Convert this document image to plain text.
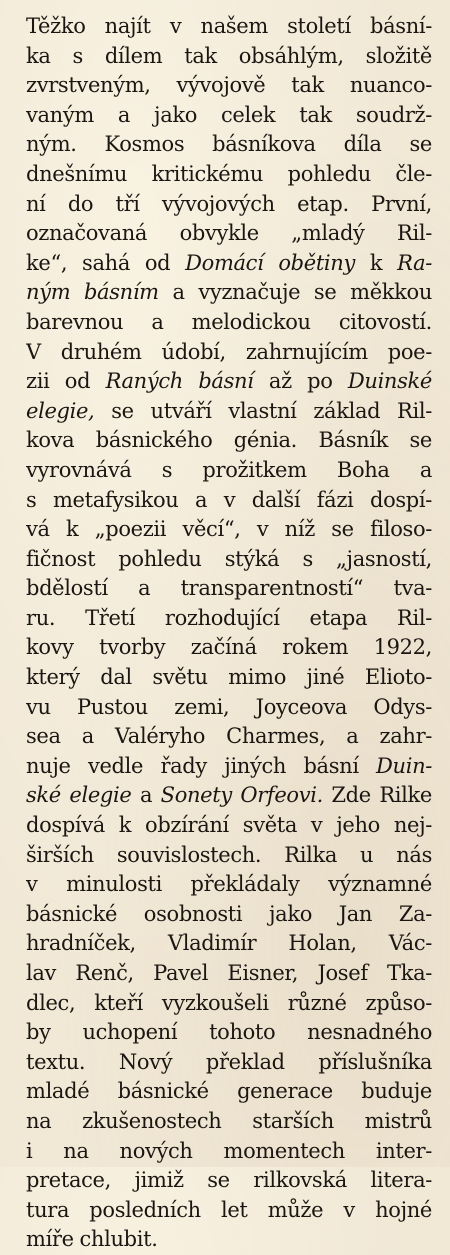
Těžko najít v našem století básní-
ka s dílem tak obsáhlým, složitě
zvrstveným, vývojově tak nuanco-
vaným a jako celek tak soudrž-
ným. Kosmos básníkova díla se
dnešnímu kritickému pohledu čle-
ní do tří vývojových etap. První,
označovaná obvykle „mladý Ril-
ke“, sahá od Domácí obětiny k Ra-
ným básním a vyznačuje se měkkou
barevnou a melodickou citovostí.
V druhém údobí, zahrnujícím poe-
zii od Raných básní až po Duinské
elegie, se utváří vlastní základ Ril-
kova básnického génia. Básník se
vyrovnává s prožitkem Boha a
s metafysikou a v další fázi dospí-
vá k „poezii věcí“, v níž se filoso-
fičnost pohledu stýká s „jasností,
bdělostí a transparentností“ tva-
ru. Třetí rozhodující etapa Ril-
kovy tvorby začíná rokem 1922,
který dal světu mimo jiné Elioto-
vu Pustou zemi, Joyceova Odys-
sea a Valéryho Charmes, a zahr-
nuje vedle řady jiných básní Duin-
ské elegie a Sonety Orfeovi. Zde Rilke
dospívá k obzírání světa v jeho nej-
širších souvislostech. Rilka u nás
v minulosti překládaly významné
básnické osobnosti jako Jan Za-
hradníček, Vladimír Holan, Vác-
lav Renč, Pavel Eisner, Josef Tka-
dlec, kteří vyzkoušeli různé způso-
by uchopení tohoto nesnadného
textu. Nový překlad příslušníka
mladé básnické generace buduje
na zkušenostech starších mistrů
i na nových momentech inter-
pretace, jimiž se rilkovská litera-
tura posledních let může v hojné
míře chlubit.
